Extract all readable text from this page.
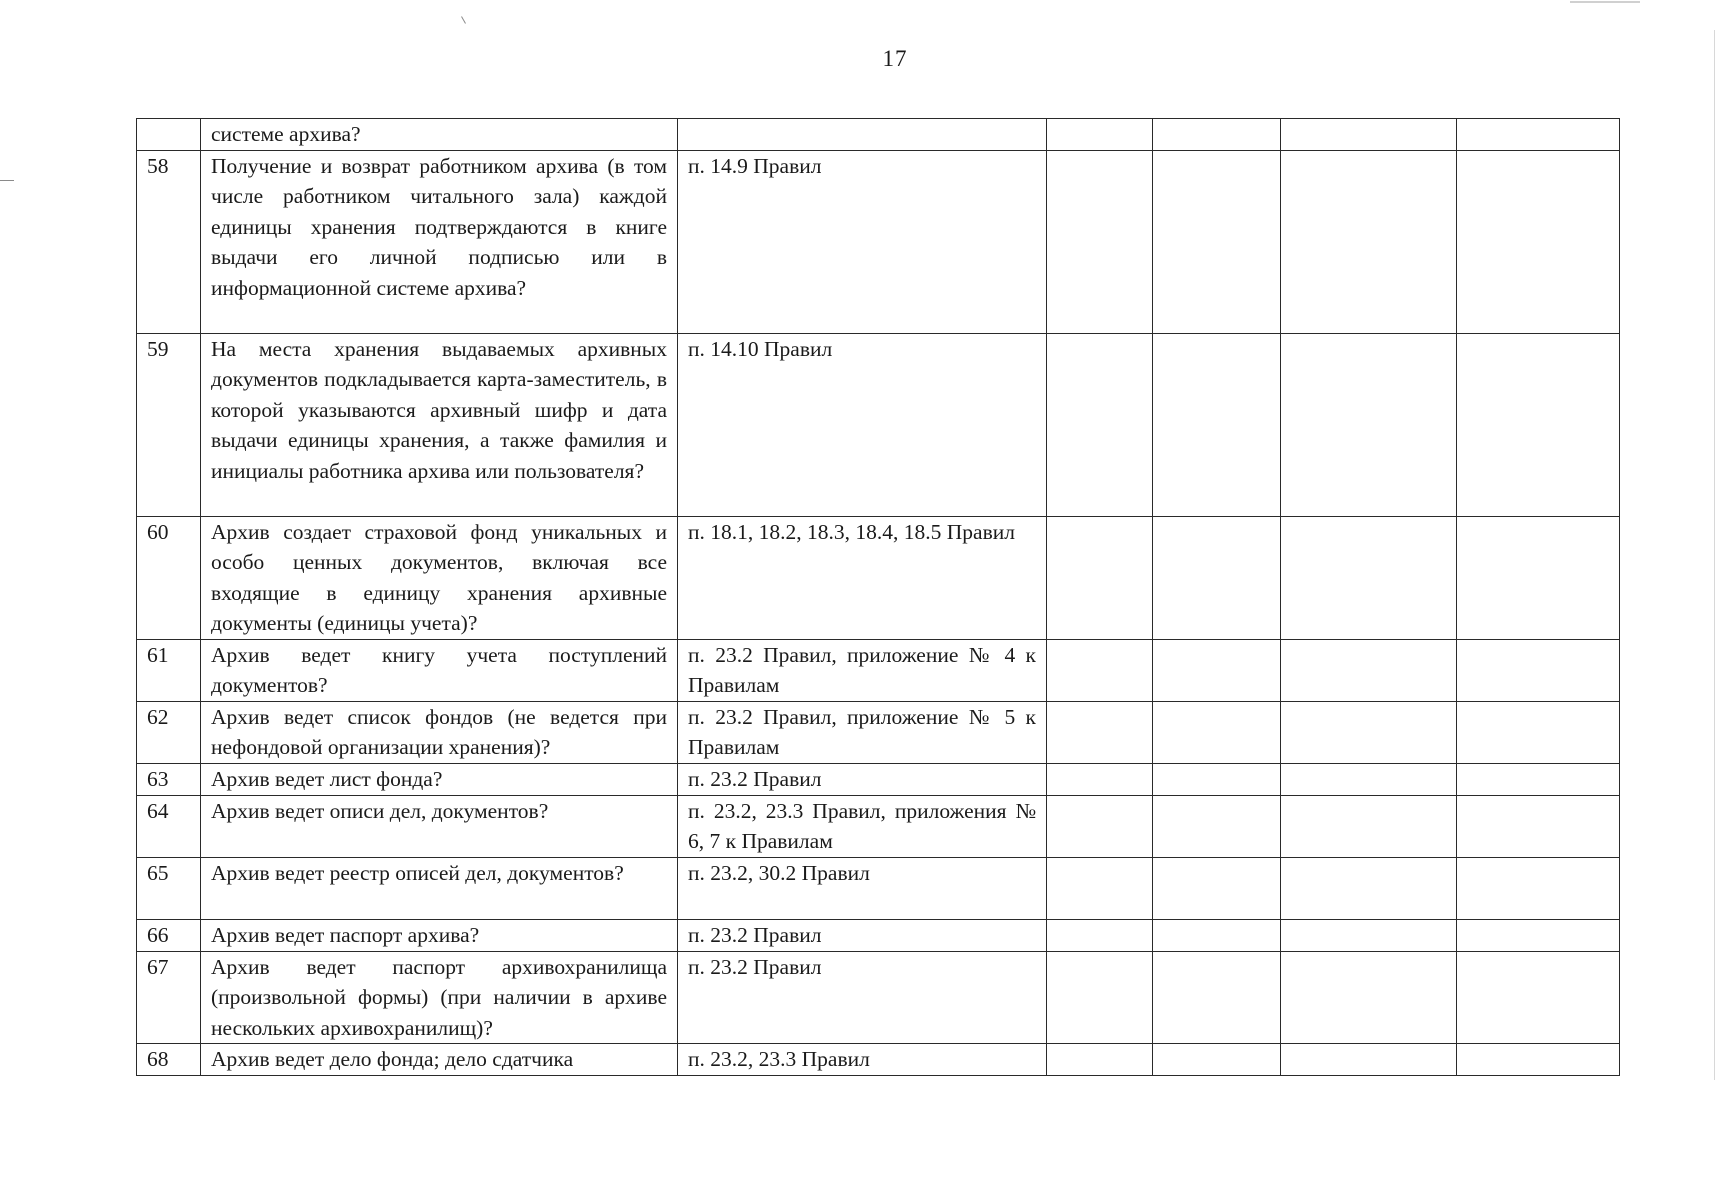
17
	системе архива?					
58	Получение и возврат работником архива (в том числе работником читального зала) каждой единицы хранения подтверждаются в книге выдачи его личной подписью или в информационной системе архива?	п. 14.9 Правил				
59	На места хранения выдаваемых архивных документов подкладывается карта-заместитель, в которой указываются архивный шифр и дата выдачи единицы хранения, а также фамилия и инициалы работника архива или пользователя?	п. 14.10 Правил				
60	Архив создает страховой фонд уникальных и особо ценных документов, включая все входящие в единицу хранения архивные документы (единицы учета)?	п. 18.1, 18.2, 18.3, 18.4, 18.5 Правил				
61	Архив ведет книгу учета поступлений документов?	п. 23.2 Правил, приложение № 4 к Правилам				
62	Архив ведет список фондов (не ведется при нефондовой организации хранения)?	п. 23.2 Правил, приложение № 5 к Правилам				
63	Архив ведет лист фонда?	п. 23.2 Правил				
64	Архив ведет описи дел, документов?	п. 23.2, 23.3 Правил, приложения № 6, 7 к Правилам				
65	Архив ведет реестр описей дел, документов?	п. 23.2, 30.2 Правил				
66	Архив ведет паспорт архива?	п. 23.2 Правил				
67	Архив ведет паспорт архивохранилища (произвольной формы) (при наличии в архиве нескольких архивохранилищ)?	п. 23.2 Правил				
68	Архив ведет дело фонда; дело сдатчика	п. 23.2, 23.3 Правил				
